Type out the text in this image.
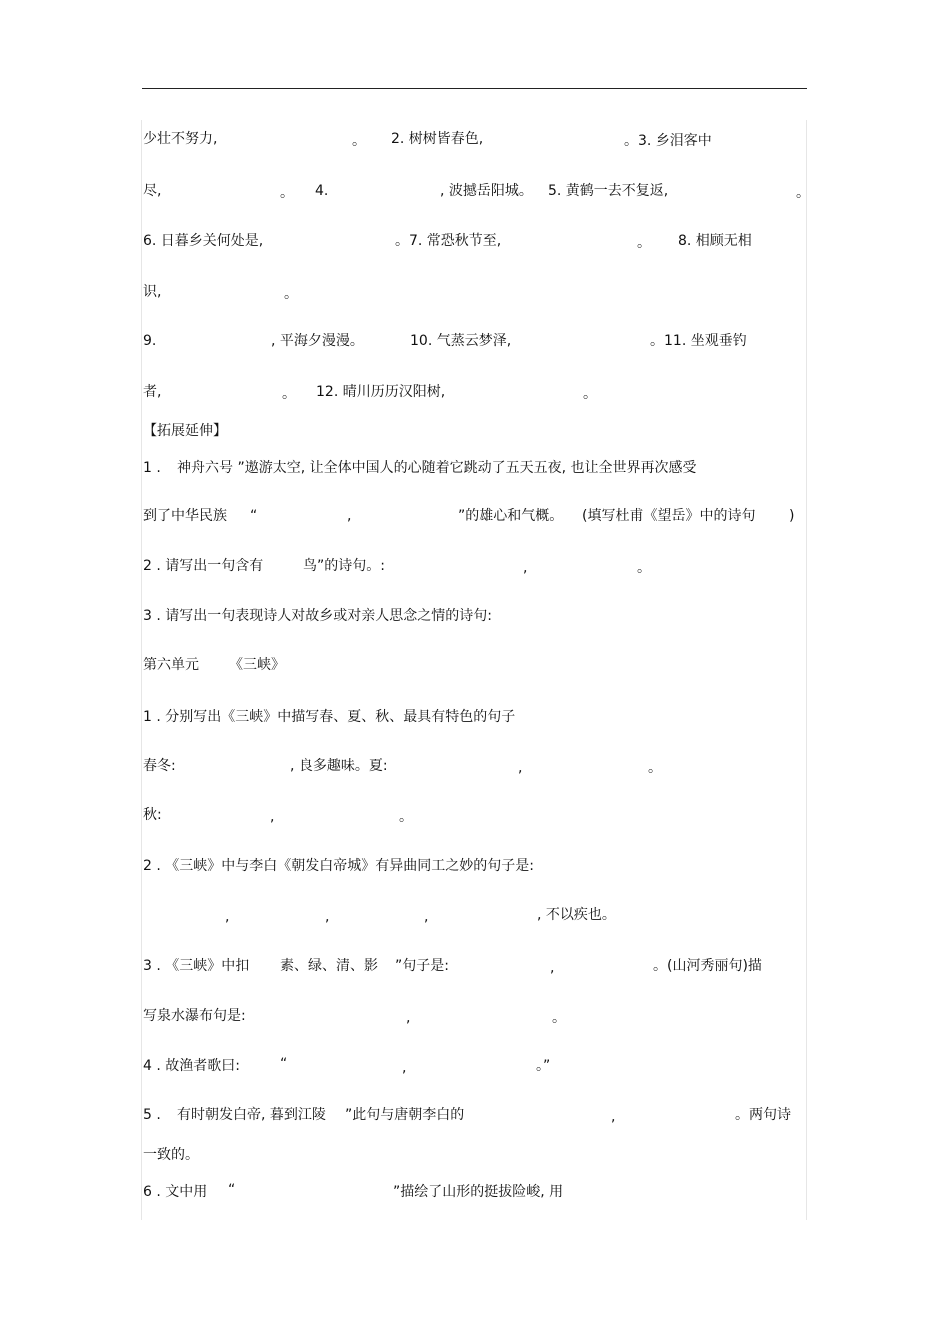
少壮不努力,	。 2. 树树皆春色,	。3. 乡泪客中
尽,	。 4.	, 波撼岳阳城。 5. 黄鹤一去不复返,	。
6. 日暮乡关何处是,	。7. 常恐秋节至,	。 8. 相顾无相
识,	。
9.	, 平海夕漫漫。	10. 气蒸云梦泽,	。11. 坐观垂钓
者,	。 12. 晴川历历汉阳树,	。
【拓展延伸】
1 . 神舟六号 ”遨游太空, 让全体中国人的心随着它跳动了五天五夜, 也让全世界再次感受
到了中华民族 “	,	”的雄心和气概。 (填写杜甫《望岳》中的诗句 )
2 . 请写出一句含有	鸟”的诗句。:	,	。
3 . 请写出一句表现诗人对故乡或对亲人思念之情的诗句:
第六单元 《三峡》
1 . 分别写出《三峡》中描写春、夏、秋、最具有特色的句子
春冬:	, 良多趣味。夏:	,	。
秋:	,	。
2 . 《三峡》中与李白《朝发白帝城》有异曲同工之妙的句子是:
,	,	,	, 不以疾也。
3 . 《三峡》中扣 素、绿、清、影 ”句子是:	,	。(山河秀丽句)描
写泉水瀑布句是:	,	。
4 . 故渔者歌曰:	“	,	。”
5 . 有时朝发白帝, 暮到江陵 ”此句与唐朝李白的	,	。两句诗
一致的。
6 . 文中用 “	”描绘了山形的挺拔险峻, 用
